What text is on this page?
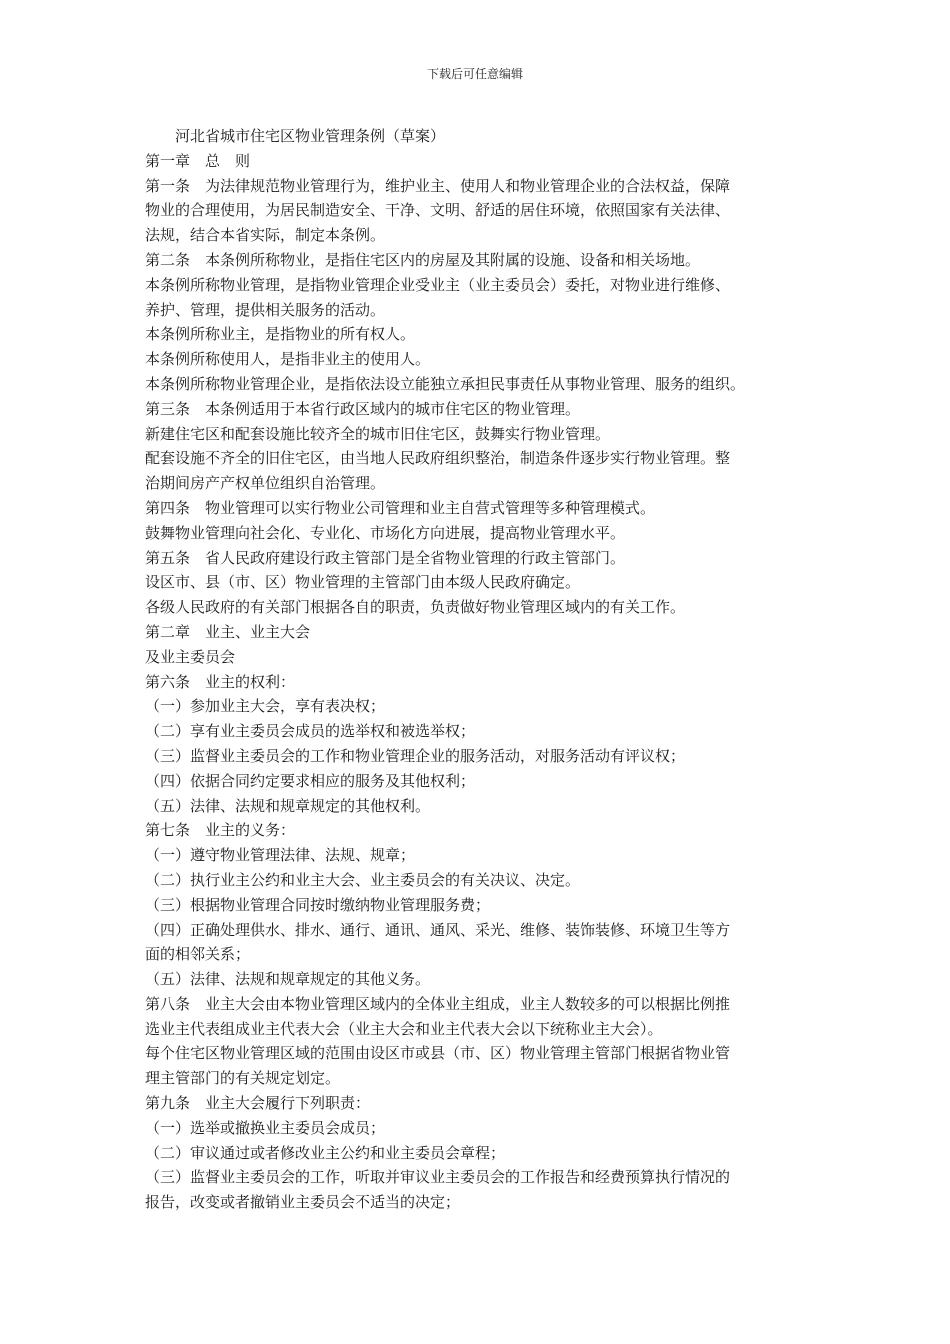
下载后可任意编辑
河北省城市住宅区物业管理条例（草案）
第一章　总　则
第一条　为法律规范物业管理行为，维护业主、使用人和物业管理企业的合法权益，保障
物业的合理使用，为居民制造安全、干净、文明、舒适的居住环境，依照国家有关法律、
法规，结合本省实际，制定本条例。
第二条　本条例所称物业，是指住宅区内的房屋及其附属的设施、设备和相关场地。
本条例所称物业管理，是指物业管理企业受业主（业主委员会）委托，对物业进行维修、
养护、管理，提供相关服务的活动。
本条例所称业主，是指物业的所有权人。
本条例所称使用人，是指非业主的使用人。
本条例所称物业管理企业，是指依法设立能独立承担民事责任从事物业管理、服务的组织。
第三条　本条例适用于本省行政区域内的城市住宅区的物业管理。
新建住宅区和配套设施比较齐全的城市旧住宅区，鼓舞实行物业管理。
配套设施不齐全的旧住宅区，由当地人民政府组织整治，制造条件逐步实行物业管理。整
治期间房产产权单位组织自治管理。
第四条　物业管理可以实行物业公司管理和业主自营式管理等多种管理模式。
鼓舞物业管理向社会化、专业化、市场化方向进展，提高物业管理水平。
第五条　省人民政府建设行政主管部门是全省物业管理的行政主管部门。
设区市、县（市、区）物业管理的主管部门由本级人民政府确定。
各级人民政府的有关部门根据各自的职责，负责做好物业管理区域内的有关工作。
第二章　业主、业主大会
及业主委员会
第六条　业主的权利：
（一）参加业主大会，享有表决权；
（二）享有业主委员会成员的选举权和被选举权；
（三）监督业主委员会的工作和物业管理企业的服务活动，对服务活动有评议权；
（四）依据合同约定要求相应的服务及其他权利；
（五）法律、法规和规章规定的其他权利。
第七条　业主的义务：
（一）遵守物业管理法律、法规、规章；
（二）执行业主公约和业主大会、业主委员会的有关决议、决定。
（三）根据物业管理合同按时缴纳物业管理服务费；
（四）正确处理供水、排水、通行、通讯、通风、采光、维修、装饰装修、环境卫生等方
面的相邻关系；
（五）法律、法规和规章规定的其他义务。
第八条　业主大会由本物业管理区域内的全体业主组成，业主人数较多的可以根据比例推
选业主代表组成业主代表大会（业主大会和业主代表大会以下统称业主大会）。
每个住宅区物业管理区域的范围由设区市或县（市、区）物业管理主管部门根据省物业管
理主管部门的有关规定划定。
第九条　业主大会履行下列职责：
（一）选举或撤换业主委员会成员；
（二）审议通过或者修改业主公约和业主委员会章程；
（三）监督业主委员会的工作，听取并审议业主委员会的工作报告和经费预算执行情况的
报告，改变或者撤销业主委员会不适当的决定；
